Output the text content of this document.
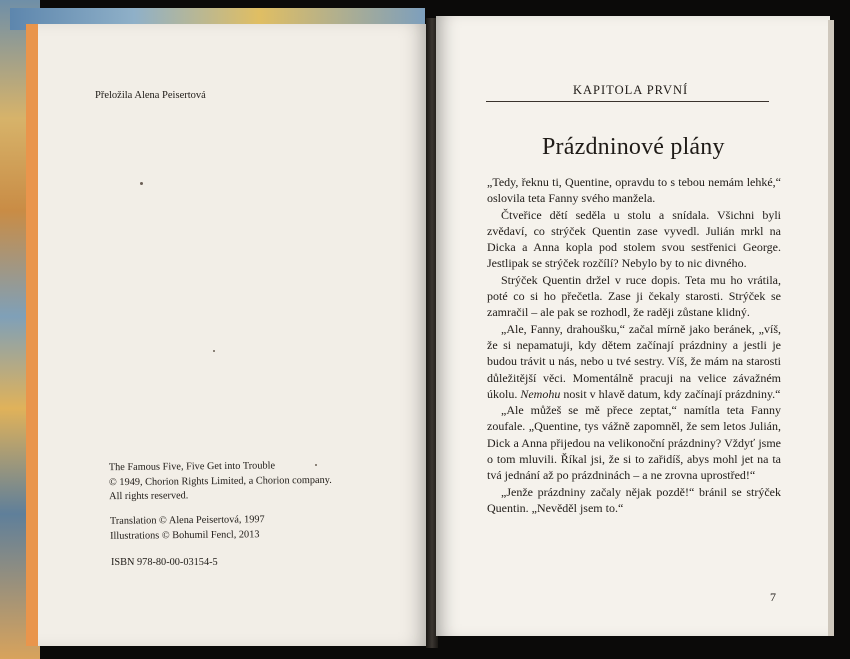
Přeložila Alena Peisertová
The Famous Five, Five Get into Trouble
© 1949, Chorion Rights Limited, a Chorion company.
All rights reserved.
Translation © Alena Peisertová, 1997
Illustrations © Bohumil Fencl, 2013
ISBN 978-80-00-03154-5
KAPITOLA PRVNÍ
Prázdninové plány

„Tedy, řeknu ti, Quentine, opravdu to s tebou nemám lehké,“ oslovila teta Fanny svého manžela.

Čtveřice dětí seděla u stolu a snídala. Všichni byli zvědaví, co strýček Quentin zase vyvedl. Julián mrkl na Dicka a Anna kopla pod stolem svou sestřenici George. Jestlipak se strýček rozčílí? Nebylo by to nic divného.

Strýček Quentin držel v ruce dopis. Teta mu ho vrátila, poté co si ho přečetla. Zase ji čekaly starosti. Strýček se zamračil – ale pak se rozhodl, že raději zůstane klidný.

„Ale, Fanny, drahoušku,“ začal mírně jako beránek, „víš, že si nepamatuji, kdy dětem začínají prázdniny a jestli je budou trávit u nás, nebo u tvé sestry. Víš, že mám na starosti důležitější věci. Momentálně pracuji na velice závažném úkolu. Nemohu nosit v hlavě datum, kdy začínají prázdniny.“

„Ale můžeš se mě přece zeptat,“ namítla teta Fanny zoufale. „Quentine, tys vážně zapomněl, že sem letos Julián, Dick a Anna přijedou na velikonoční prázdniny? Vždyť jsme o tom mluvili. Říkal jsi, že si to zařidíš, abys mohl jet na ta tvá jednání až po prázdninách – a ne zrovna uprostřed!“

„Jenže prázdniny začaly nějak pozdě!“ bránil se strýček Quentin. „Nevěděl jsem to.“

7
